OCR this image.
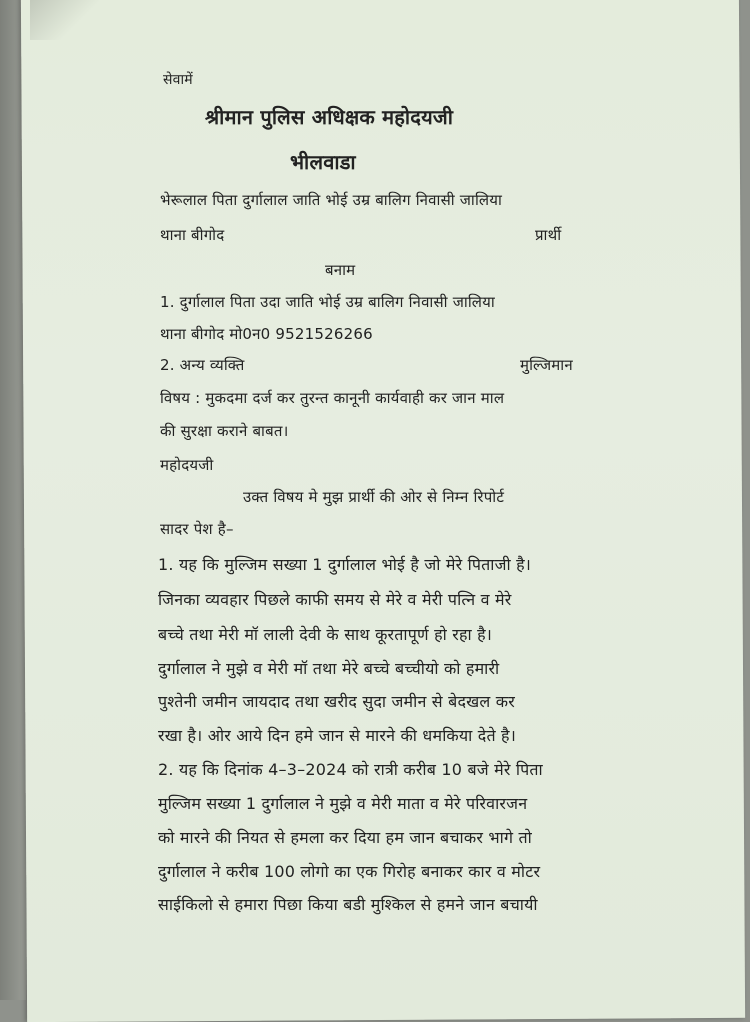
सेवामें
श्रीमान पुलिस अधिक्षक महोदयजी
भीलवाडा
भेरूलाल पिता दुर्गालाल जाति भोई उम्र बालिग निवासी जालिया
थाना बीगोद	प्रार्थी
बनाम
1. दुर्गालाल पिता उदा जाति भोई उम्र बालिग निवासी जालिया
थाना बीगोद मो0न0 9521526266
2. अन्य व्यक्ति	मुल्जिमान
विषय : मुकदमा दर्ज कर तुरन्त कानूनी कार्यवाही कर जान माल
की सुरक्षा कराने बाबत।
महोदयजी
उक्त विषय मे मुझ प्रार्थी की ओर से निम्न रिपोर्ट
सादर पेश है–
1. यह कि मुल्जिम सख्या 1 दुर्गालाल भोई है जो मेरे पिताजी है।
जिनका व्यवहार पिछले काफी समय से मेरे व मेरी पत्नि व मेरे
बच्चे तथा मेरी मॉ लाली देवी के साथ कूरतापूर्ण हो रहा है।
दुर्गालाल ने मुझे व मेरी मॉ तथा मेरे बच्चे बच्चीयो को हमारी
पुश्तेनी जमीन जायदाद तथा खरीद सुदा जमीन से बेदखल कर
रखा है। ओर आये दिन हमे जान से मारने की धमकिया देते है।
2. यह कि दिनांक 4–3–2024 को रात्री करीब 10 बजे मेरे पिता
मुल्जिम सख्या 1 दुर्गालाल ने मुझे व मेरी माता व मेरे परिवारजन
को मारने की नियत से हमला कर दिया हम जान बचाकर भागे तो
दुर्गालाल ने करीब 100 लोगो का एक गिरोह बनाकर कार व मोटर
साईकिलो से हमारा पिछा किया बडी मुश्किल से हमने जान बचायी
